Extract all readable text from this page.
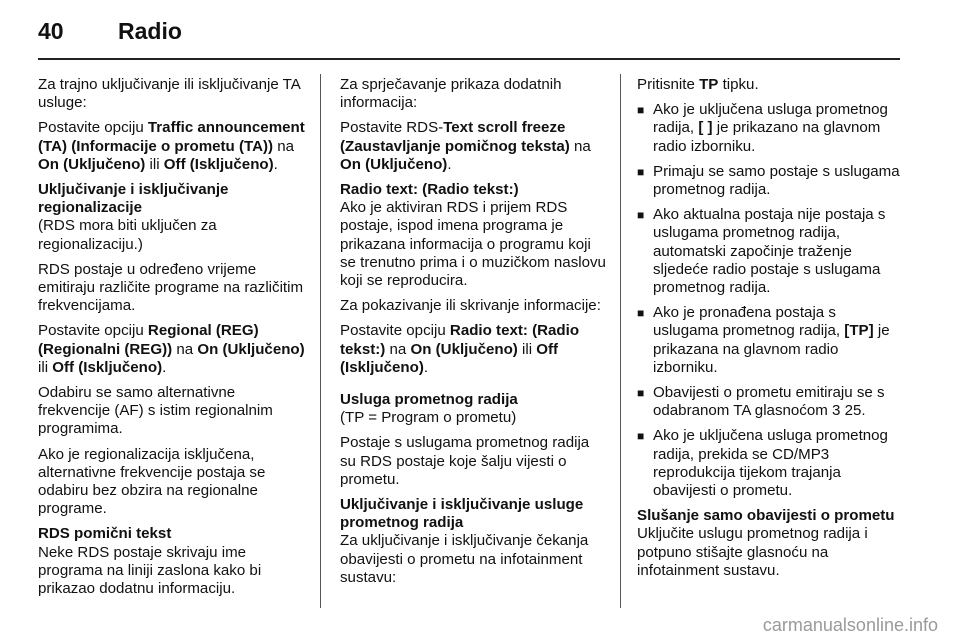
40 Radio

Za trajno uključivanje ili isključivanje TA usluge:

Postavite opciju Traffic announcement (TA) (Informacije o prometu (TA)) na On (Uključeno) ili Off (Isključeno).

Uključivanje i isključivanje regionalizacije

(RDS mora biti uključen za regionalizaciju.)

RDS postaje u određeno vrijeme emitiraju različite programe na različitim frekvencijama.

Postavite opciju Regional (REG) (Regionalni (REG)) na On (Uključeno) ili Off (Isključeno).

Odabiru se samo alternativne frekvencije (AF) s istim regionalnim programima.

Ako je regionalizacija isključena, alternativne frekvencije postaja se odabiru bez obzira na regionalne programe.

RDS pomični tekst

Neke RDS postaje skrivaju ime programa na liniji zaslona kako bi prikazao dodatnu informaciju.

Za sprječavanje prikaza dodatnih informacija:

Postavite RDS-Text scroll freeze (Zaustavljanje pomičnog teksta) na On (Uključeno).

Radio text: (Radio tekst:)

Ako je aktiviran RDS i prijem RDS postaje, ispod imena programa je prikazana informacija o programu koji se trenutno prima i o muzičkom naslovu koji se reproducira.

Za pokazivanje ili skrivanje informacije:

Postavite opciju Radio text: (Radio tekst:) na On (Uključeno) ili Off (Isključeno).

Usluga prometnog radija

(TP = Program o prometu)

Postaje s uslugama prometnog radija su RDS postaje koje šalju vijesti o prometu.

Uključivanje i isključivanje usluge prometnog radija

Za uključivanje i isključivanje čekanja obavijesti o prometu na infotainment sustavu:

Pritisnite TP tipku.

■ Ako je uključena usluga prometnog radija, [ ] je prikazano na glavnom radio izborniku.
■ Primaju se samo postaje s uslugama prometnog radija.
■ Ako aktualna postaja nije postaja s uslugama prometnog radija, automatski započinje traženje sljedeće radio postaje s uslugama prometnog radija.
■ Ako je pronađena postaja s uslugama prometnog radija, [TP] je prikazana na glavnom radio izborniku.
■ Obavijesti o prometu emitiraju se s odabranom TA glasnoćom 3 25.
■ Ako je uključena usluga prometnog radija, prekida se CD/MP3 reprodukcija tijekom trajanja obavijesti o prometu.
Slušanje samo obavijesti o prometu

Uključite uslugu prometnog radija i potpuno stišajte glasnoću na infotainment sustavu.

carmanualsonline.info
